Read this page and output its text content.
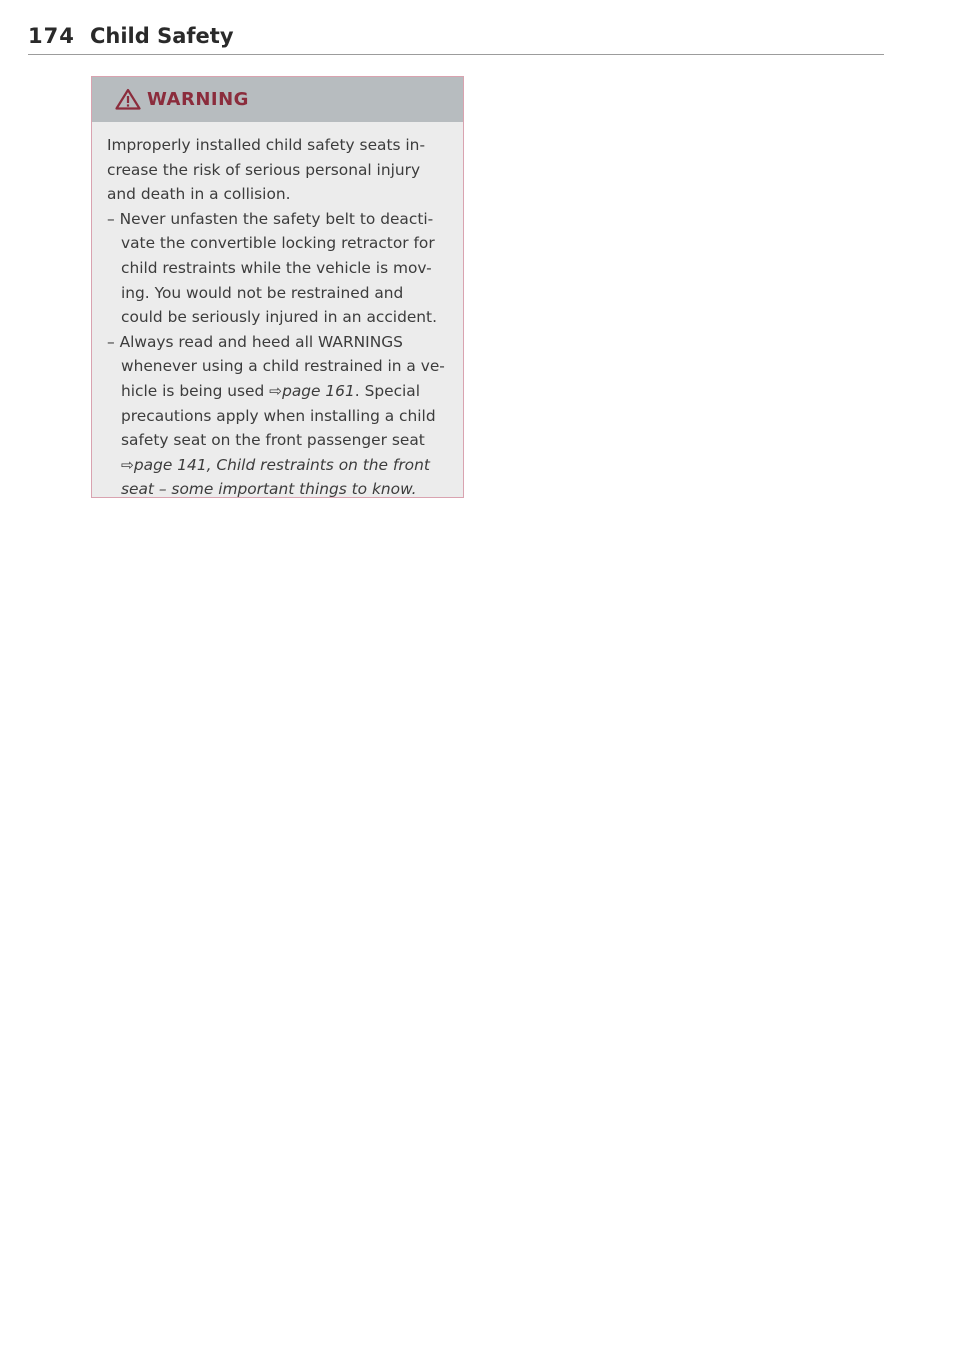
174 Child Safety
WARNING
Improperly installed child safety seats in-
crease the risk of serious personal injury
and death in a collision.
– Never unfasten the safety belt to deacti-
vate the convertible locking retractor for
child restraints while the vehicle is mov-
ing. You would not be restrained and
could be seriously injured in an accident.
– Always read and heed all WARNINGS
whenever using a child restrained in a ve-
hicle is being used ⇨page 161. Special
precautions apply when installing a child
safety seat on the front passenger seat
⇨page 141, Child restraints on the front
seat – some important things to know.
